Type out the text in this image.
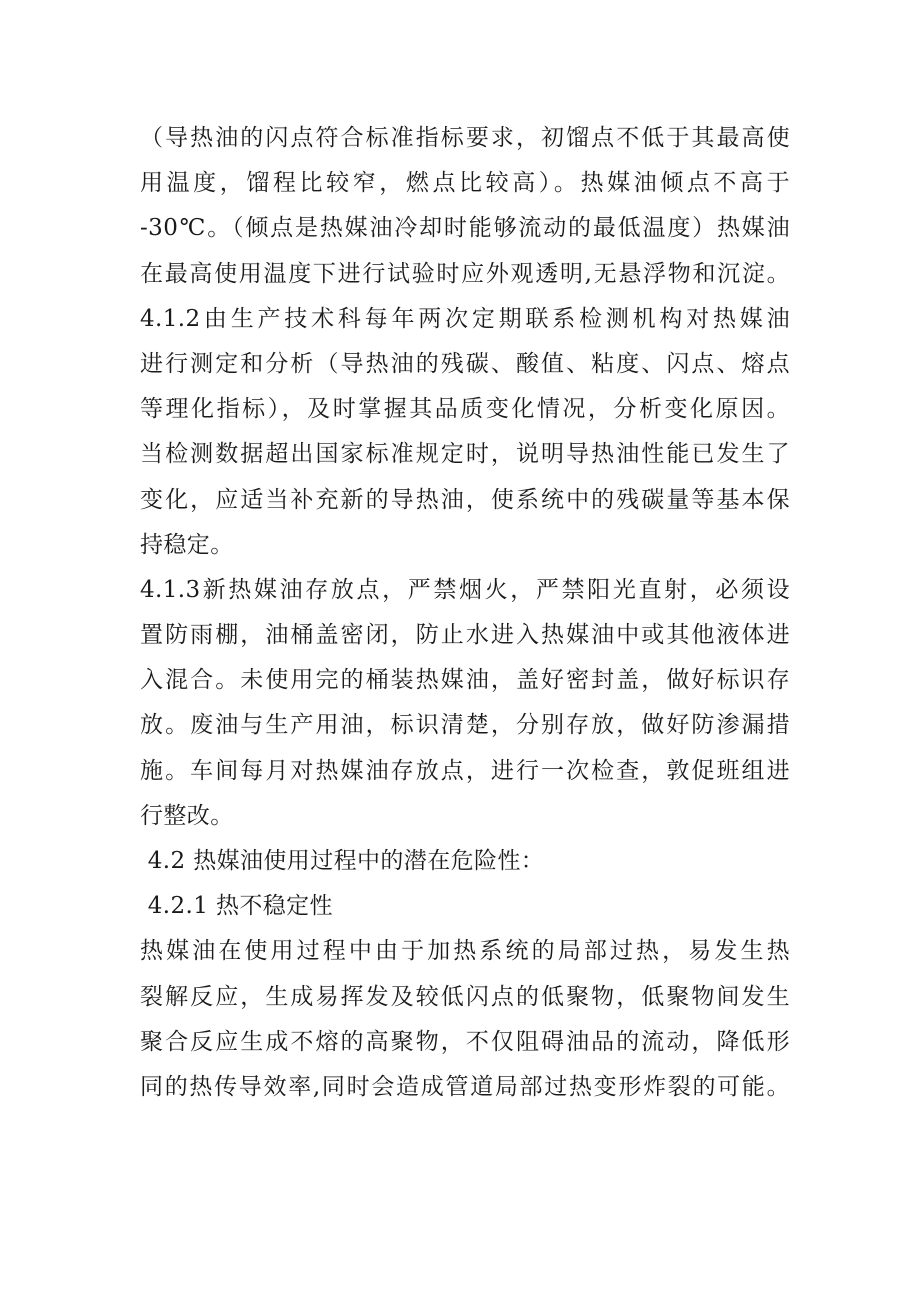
（导热油的闪点符合标准指标要求，初馏点不低于其最高使
用温度，馏程比较窄，燃点比较高）。热媒油倾点不高于
-30℃。（倾点是热媒油冷却时能够流动的最低温度）热媒油
在最高使用温度下进行试验时应外观透明,无悬浮物和沉淀。
4.1.2由生产技术科每年两次定期联系检测机构对热媒油
进行测定和分析（导热油的残碳、酸值、粘度、闪点、熔点
等理化指标），及时掌握其品质变化情况，分析变化原因。
当检测数据超出国家标准规定时，说明导热油性能已发生了
变化，应适当补充新的导热油，使系统中的残碳量等基本保
持稳定。
4.1.3新热媒油存放点，严禁烟火，严禁阳光直射，必须设
置防雨棚，油桶盖密闭，防止水进入热媒油中或其他液体进
入混合。未使用完的桶装热媒油，盖好密封盖，做好标识存
放。废油与生产用油，标识清楚，分别存放，做好防渗漏措
施。车间每月对热媒油存放点，进行一次检查，敦促班组进
行整改。
4.2 热媒油使用过程中的潜在危险性：
4.2.1 热不稳定性
热媒油在使用过程中由于加热系统的局部过热，易发生热
裂解反应，生成易挥发及较低闪点的低聚物，低聚物间发生
聚合反应生成不熔的高聚物，不仅阻碍油品的流动，降低形
同的热传导效率,同时会造成管道局部过热变形炸裂的可能。
